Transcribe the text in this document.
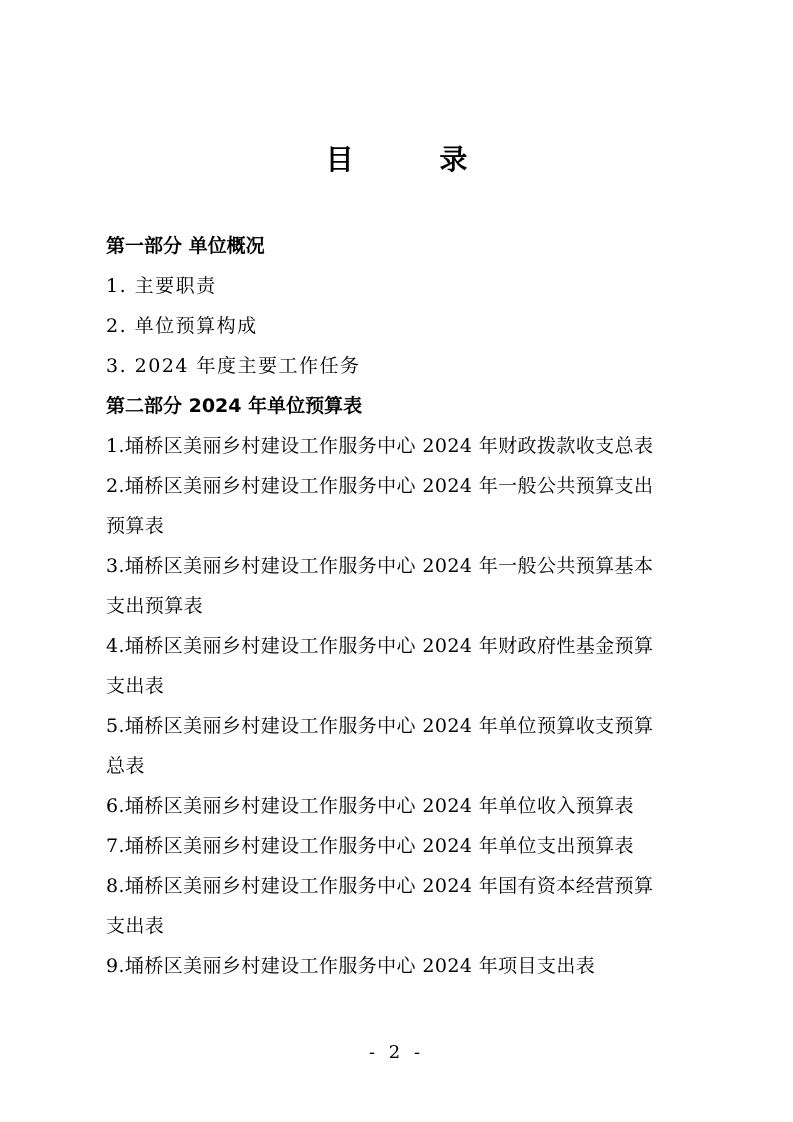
目 录
第一部分 单位概况
1. 主要职责
2. 单位预算构成
3. 2024 年度主要工作任务
第二部分 2024 年单位预算表
1.埇桥区美丽乡村建设工作服务中心 2024 年财政拨款收支总表
2.埇桥区美丽乡村建设工作服务中心 2024 年一般公共预算支出
预算表
3.埇桥区美丽乡村建设工作服务中心 2024 年一般公共预算基本
支出预算表
4.埇桥区美丽乡村建设工作服务中心 2024 年财政府性基金预算
支出表
5.埇桥区美丽乡村建设工作服务中心 2024 年单位预算收支预算
总表
6.埇桥区美丽乡村建设工作服务中心 2024 年单位收入预算表
7.埇桥区美丽乡村建设工作服务中心 2024 年单位支出预算表
8.埇桥区美丽乡村建设工作服务中心 2024 年国有资本经营预算
支出表
9.埇桥区美丽乡村建设工作服务中心 2024 年项目支出表
- 2 -
